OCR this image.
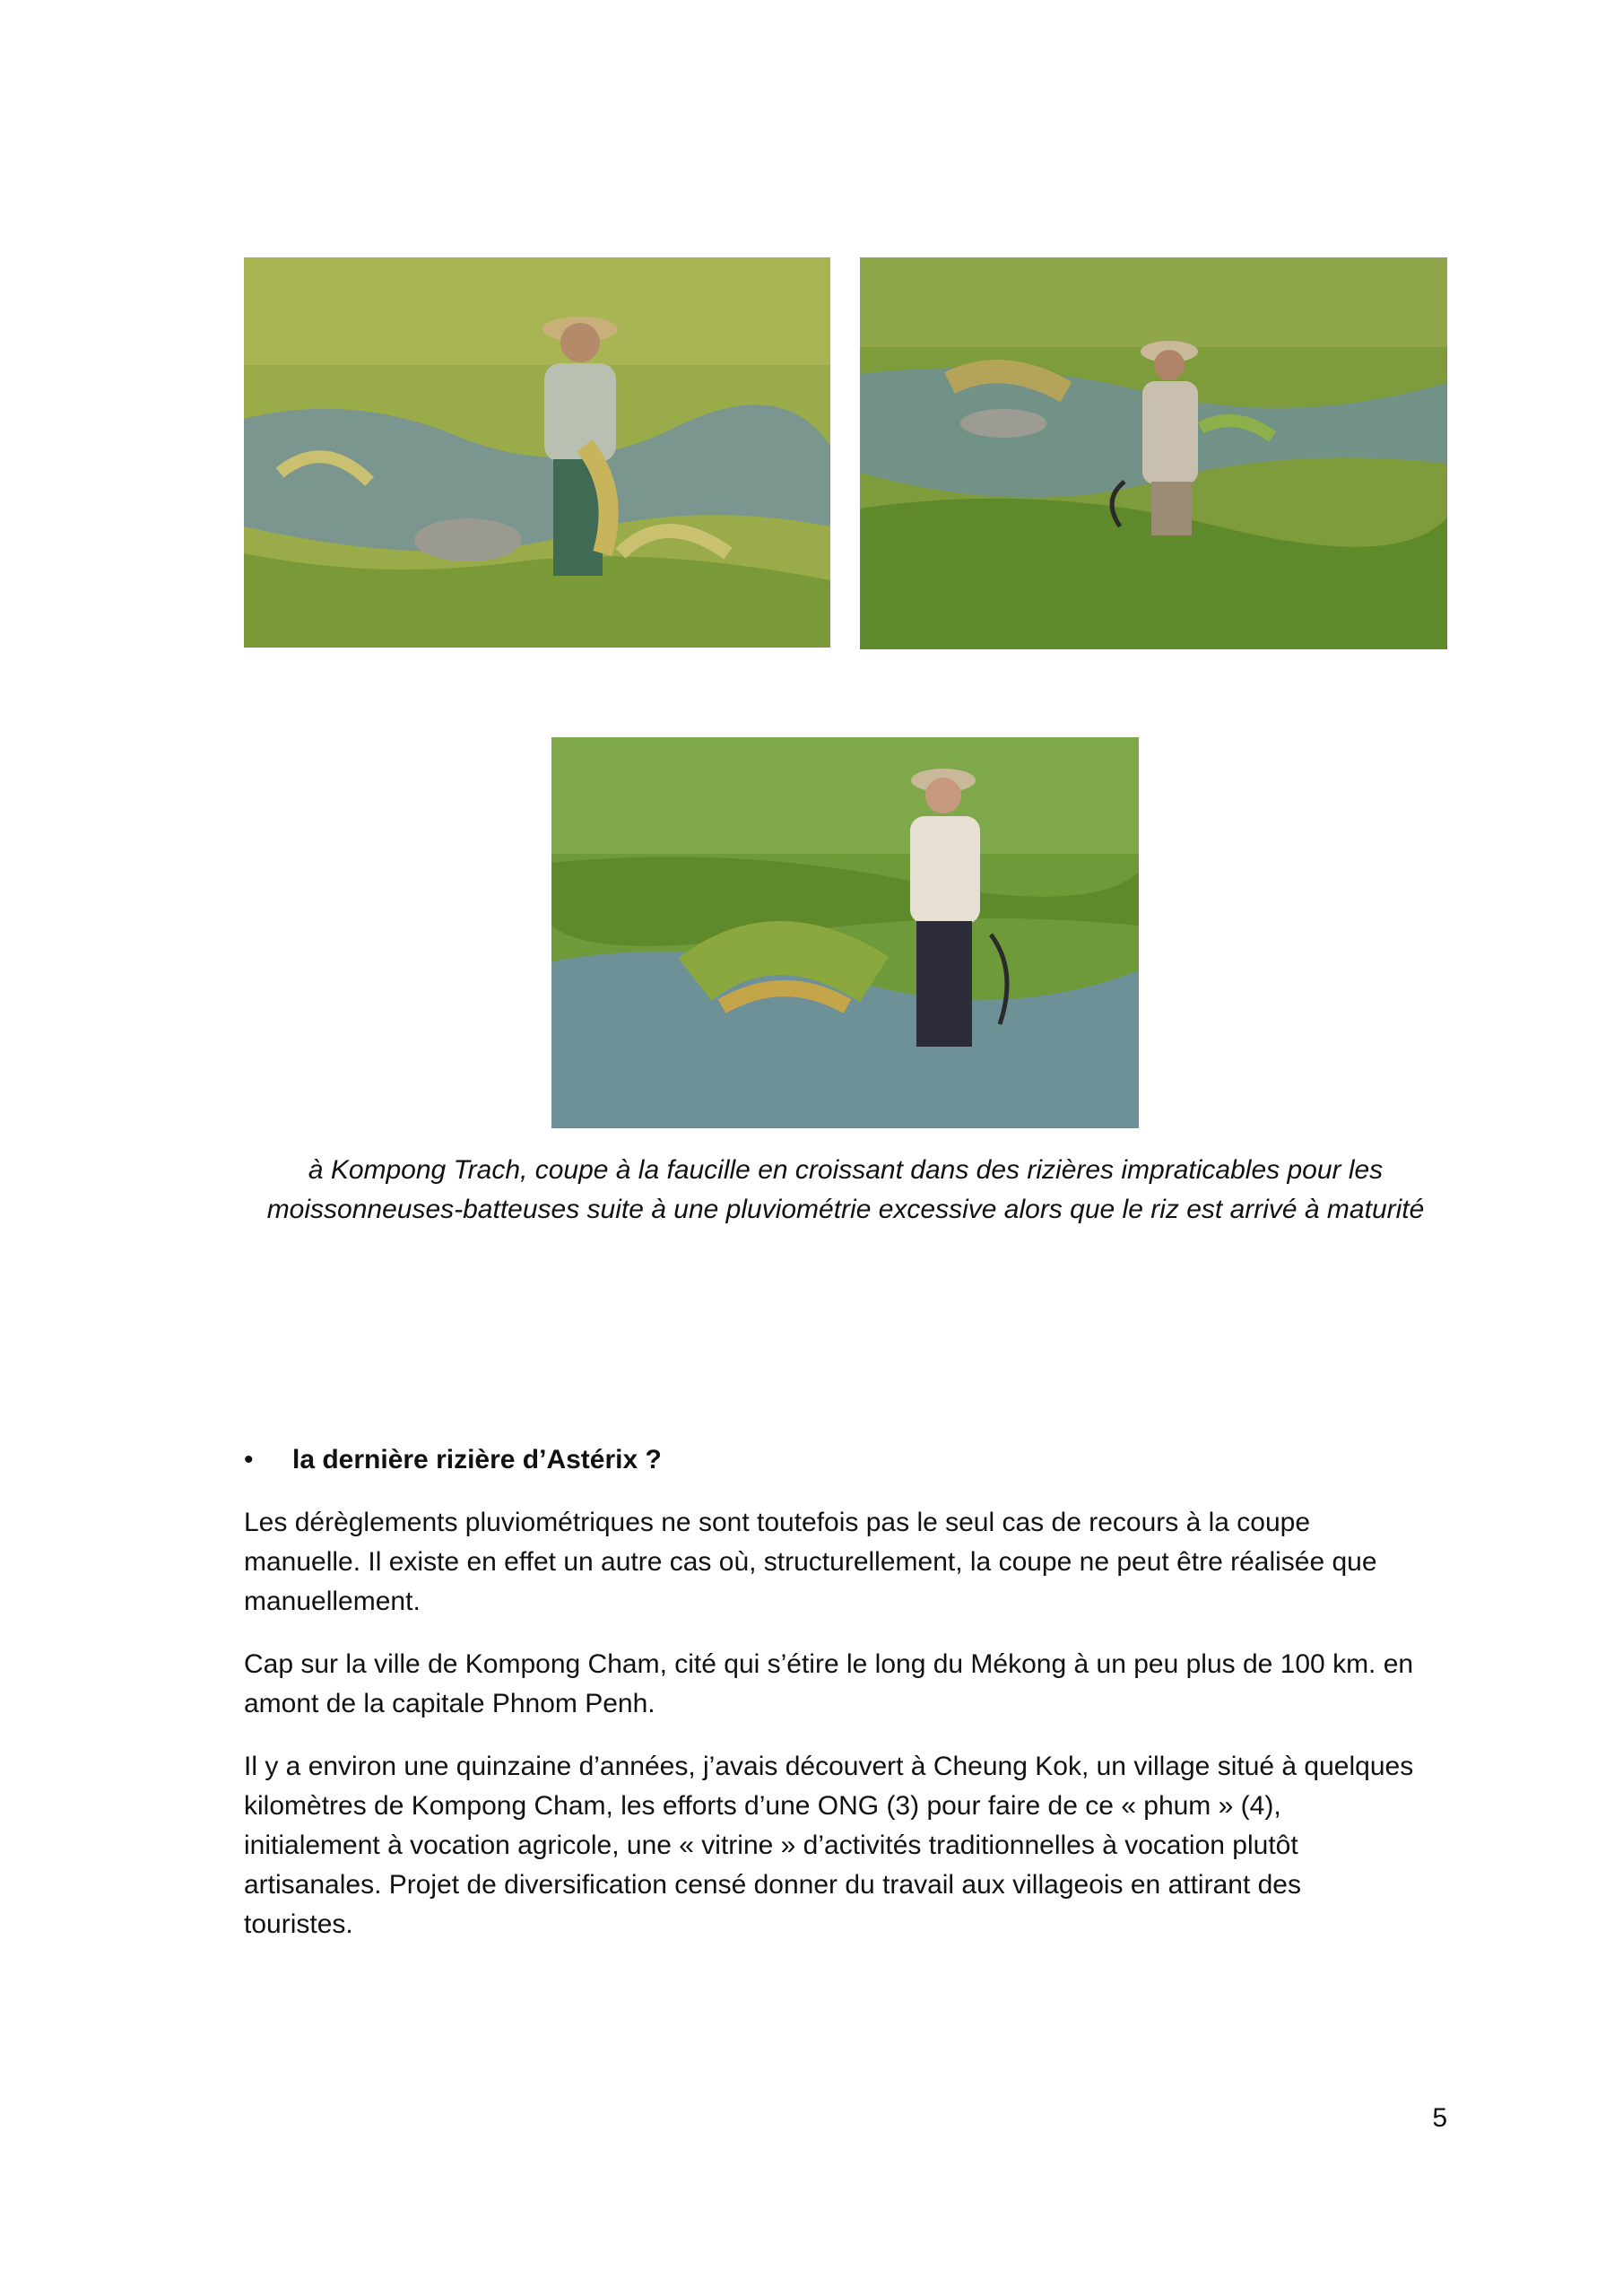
à Kompong Trach, coupe à la faucille en croissant dans des rizières impraticables pour les
moissonneuses-batteuses suite à une pluviométrie excessive alors que le riz est arrivé à maturité
• la dernière rizière d’Astérix ?
Les dérèglements pluviométriques ne sont toutefois pas le seul cas de recours à la coupe
manuelle. Il existe en effet un autre cas où, structurellement, la coupe ne peut être réalisée que
manuellement.
Cap sur la ville de Kompong Cham, cité qui s’étire le long du Mékong à un peu plus de 100 km. en
amont de la capitale Phnom Penh.
Il y a environ une quinzaine d’années, j’avais découvert à Cheung Kok, un village situé à quelques
kilomètres de Kompong Cham, les efforts d’une ONG (3) pour faire de ce « phum » (4),
initialement à vocation agricole, une « vitrine » d’activités traditionnelles à vocation plutôt
artisanales. Projet de diversification censé donner du travail aux villageois en attirant des
touristes.
5
